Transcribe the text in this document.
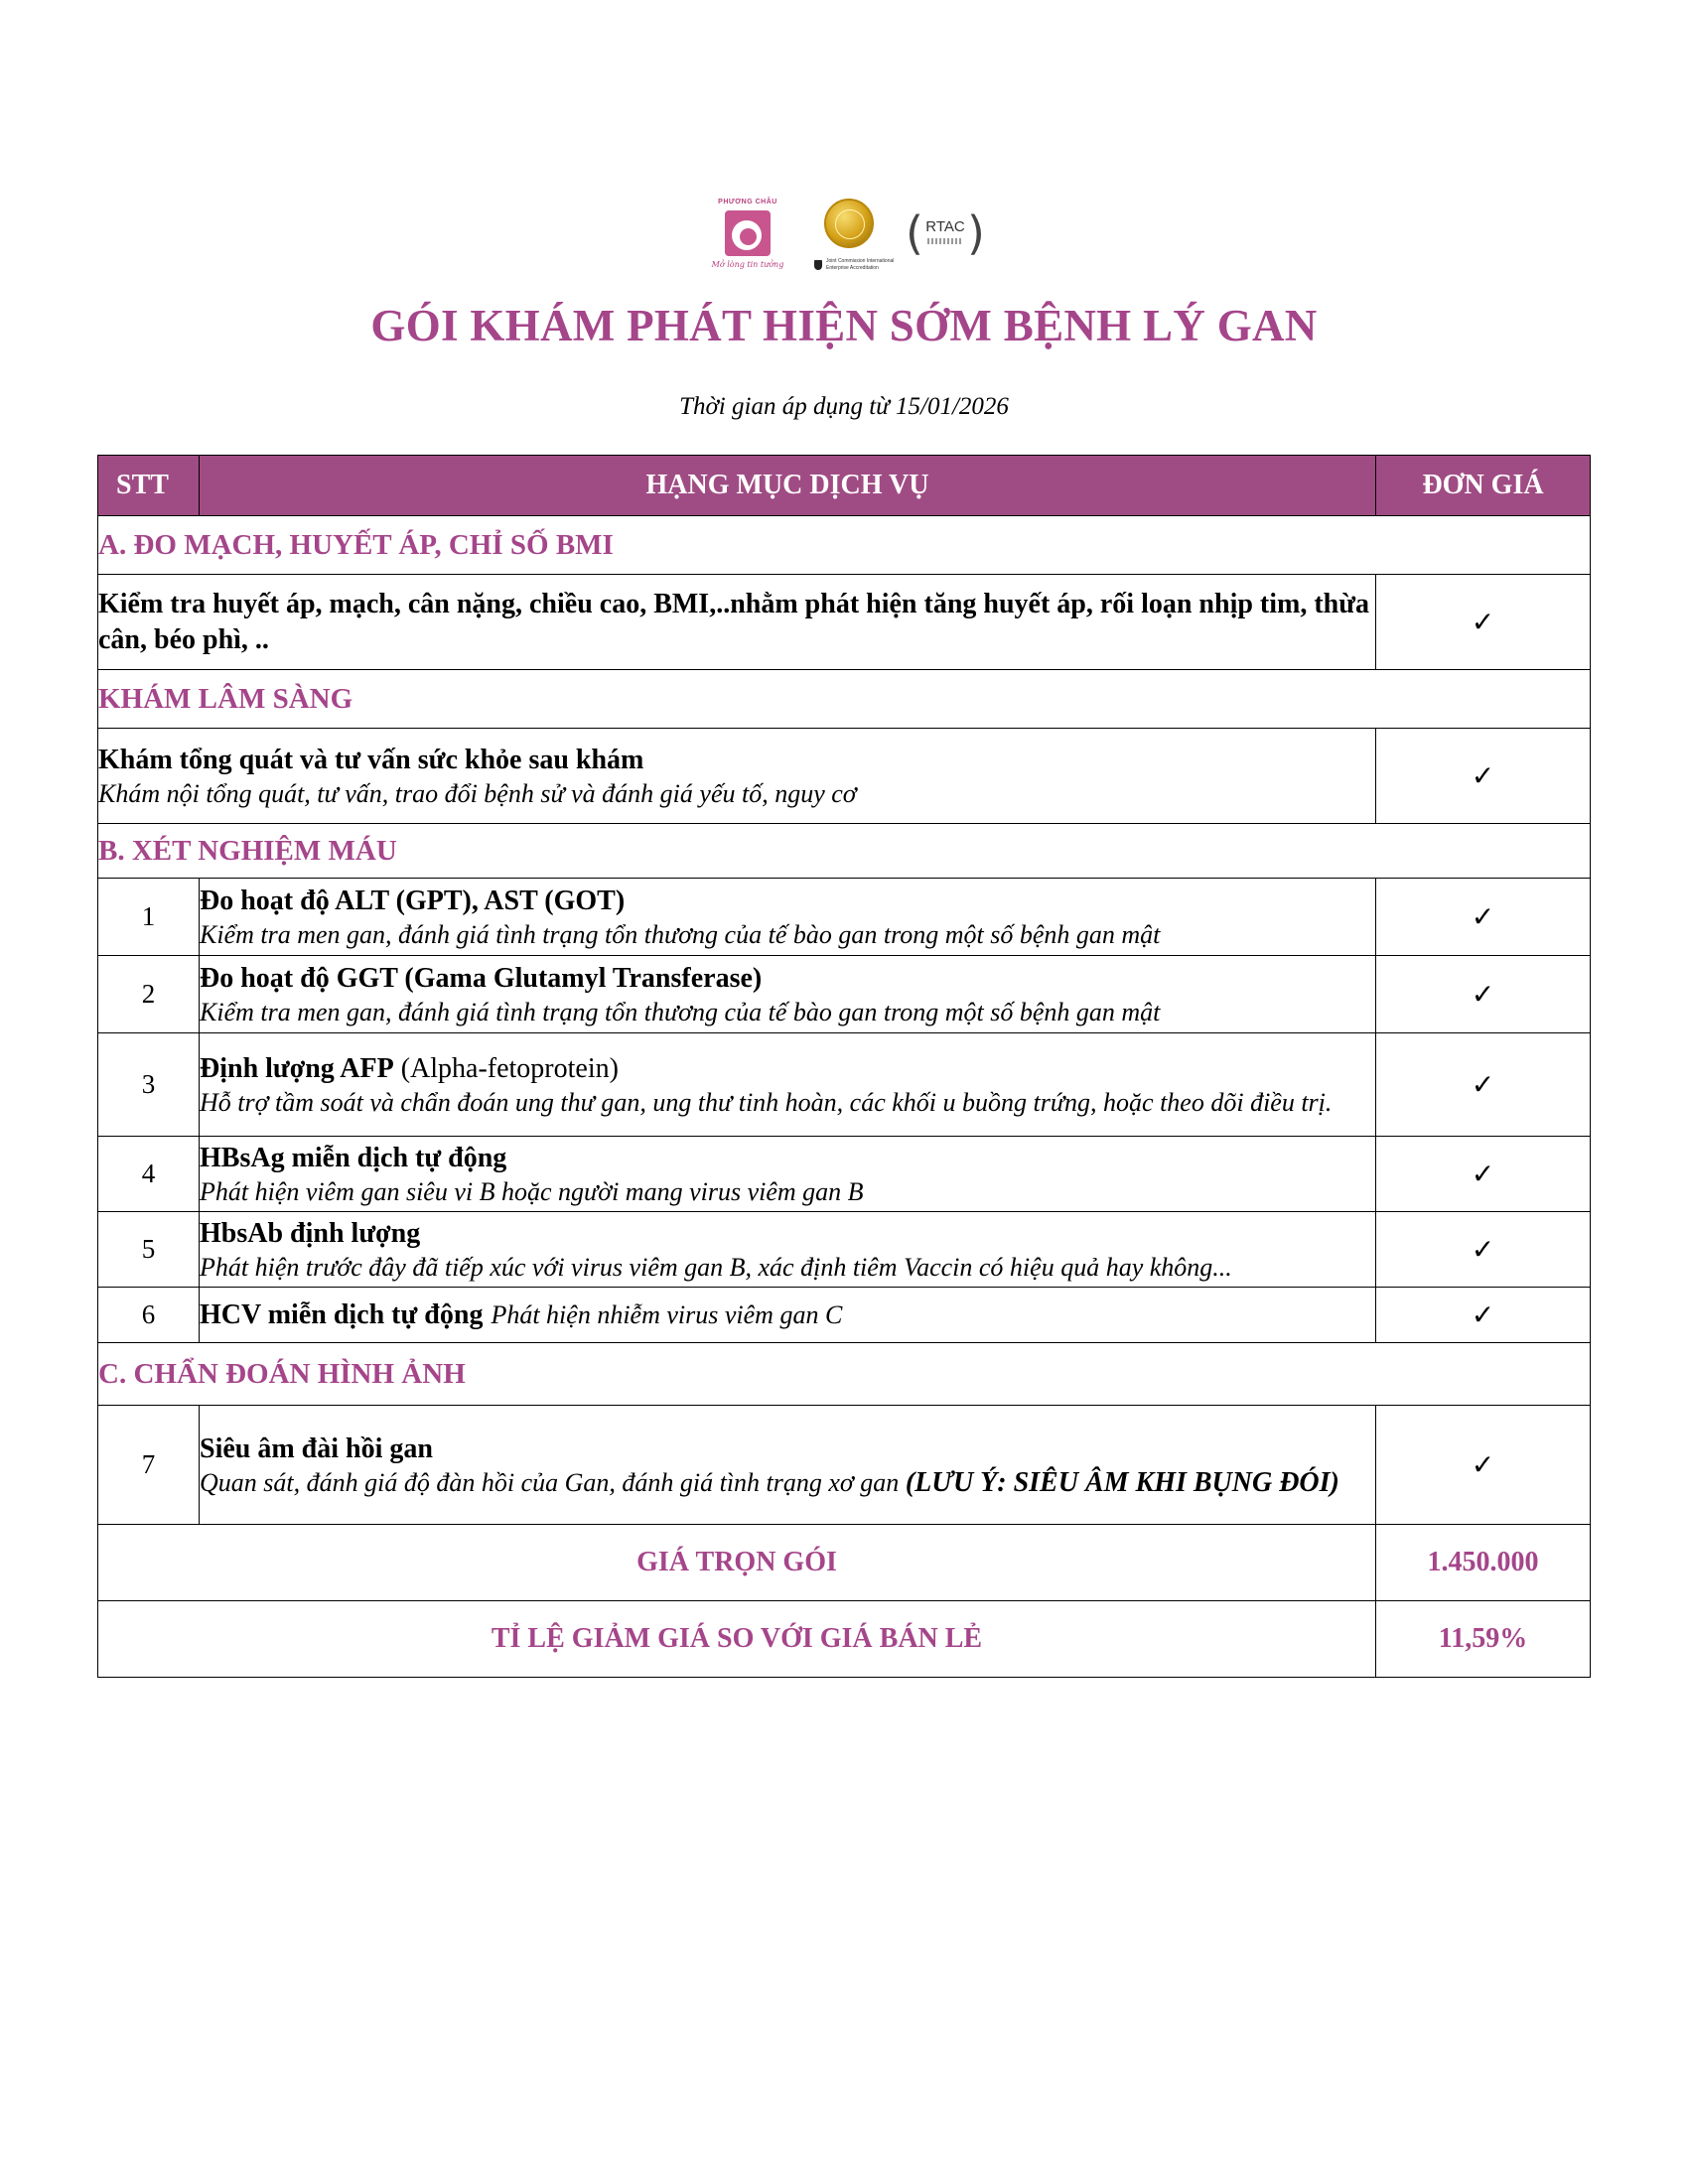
PHƯƠNG CHÂU
Mở lòng tin tưởng	Joint Commission International Enterprise Accreditation
( RTAC )
GÓI KHÁM PHÁT HIỆN SỚM BỆNH LÝ GAN
Thời gian áp dụng từ 15/01/2026
STT	HẠNG MỤC DỊCH VỤ	ĐƠN GIÁ
A. ĐO MẠCH, HUYẾT ÁP, CHỈ SỐ BMI		

Kiểm tra huyết áp, mạch, cân nặng, chiều cao, BMI,..nhằm phát hiện tăng huyết áp, rối loạn nhịp tim, thừa cân, béo phì, ..		✓
KHÁM LÂM SÀNG		

Khám tổng quát và tư vấn sức khỏe sau khám
Khám nội tổng quát, tư vấn, trao đổi bệnh sử và đánh giá yếu tố, nguy cơ		✓
B. XÉT NGHIỆM MÁU		
1	Đo hoạt độ ALT (GPT), AST (GOT)
Kiểm tra men gan, đánh giá tình trạng tổn thương của tế bào gan trong một số bệnh gan mật	✓
2	Đo hoạt độ GGT (Gama Glutamyl Transferase)
Kiểm tra men gan, đánh giá tình trạng tổn thương của tế bào gan trong một số bệnh gan mật	✓
3	Định lượng AFP (Alpha-fetoprotein)
Hỗ trợ tầm soát và chẩn đoán ung thư gan, ung thư tinh hoàn, các khối u buồng trứng, hoặc theo dõi điều trị.	✓
4	HBsAg miễn dịch tự động
Phát hiện viêm gan siêu vi B hoặc người mang virus viêm gan B	✓
5	HbsAb định lượng
Phát hiện trước đây đã tiếp xúc với virus viêm gan B, xác định tiêm Vaccin có hiệu quả hay không...	✓
6	HCV miễn dịch tự động Phát hiện nhiễm virus viêm gan C	✓
C. CHẨN ĐOÁN HÌNH ẢNH		
7	Siêu âm đài hồi gan
Quan sát, đánh giá độ đàn hồi của Gan, đánh giá tình trạng xơ gan (LƯU Ý: SIÊU ÂM KHI BỤNG ĐÓI)	✓
GIÁ TRỌN GÓI		1.450.000
TỈ LỆ GIẢM GIÁ SO VỚI GIÁ BÁN LẺ		11,59%
